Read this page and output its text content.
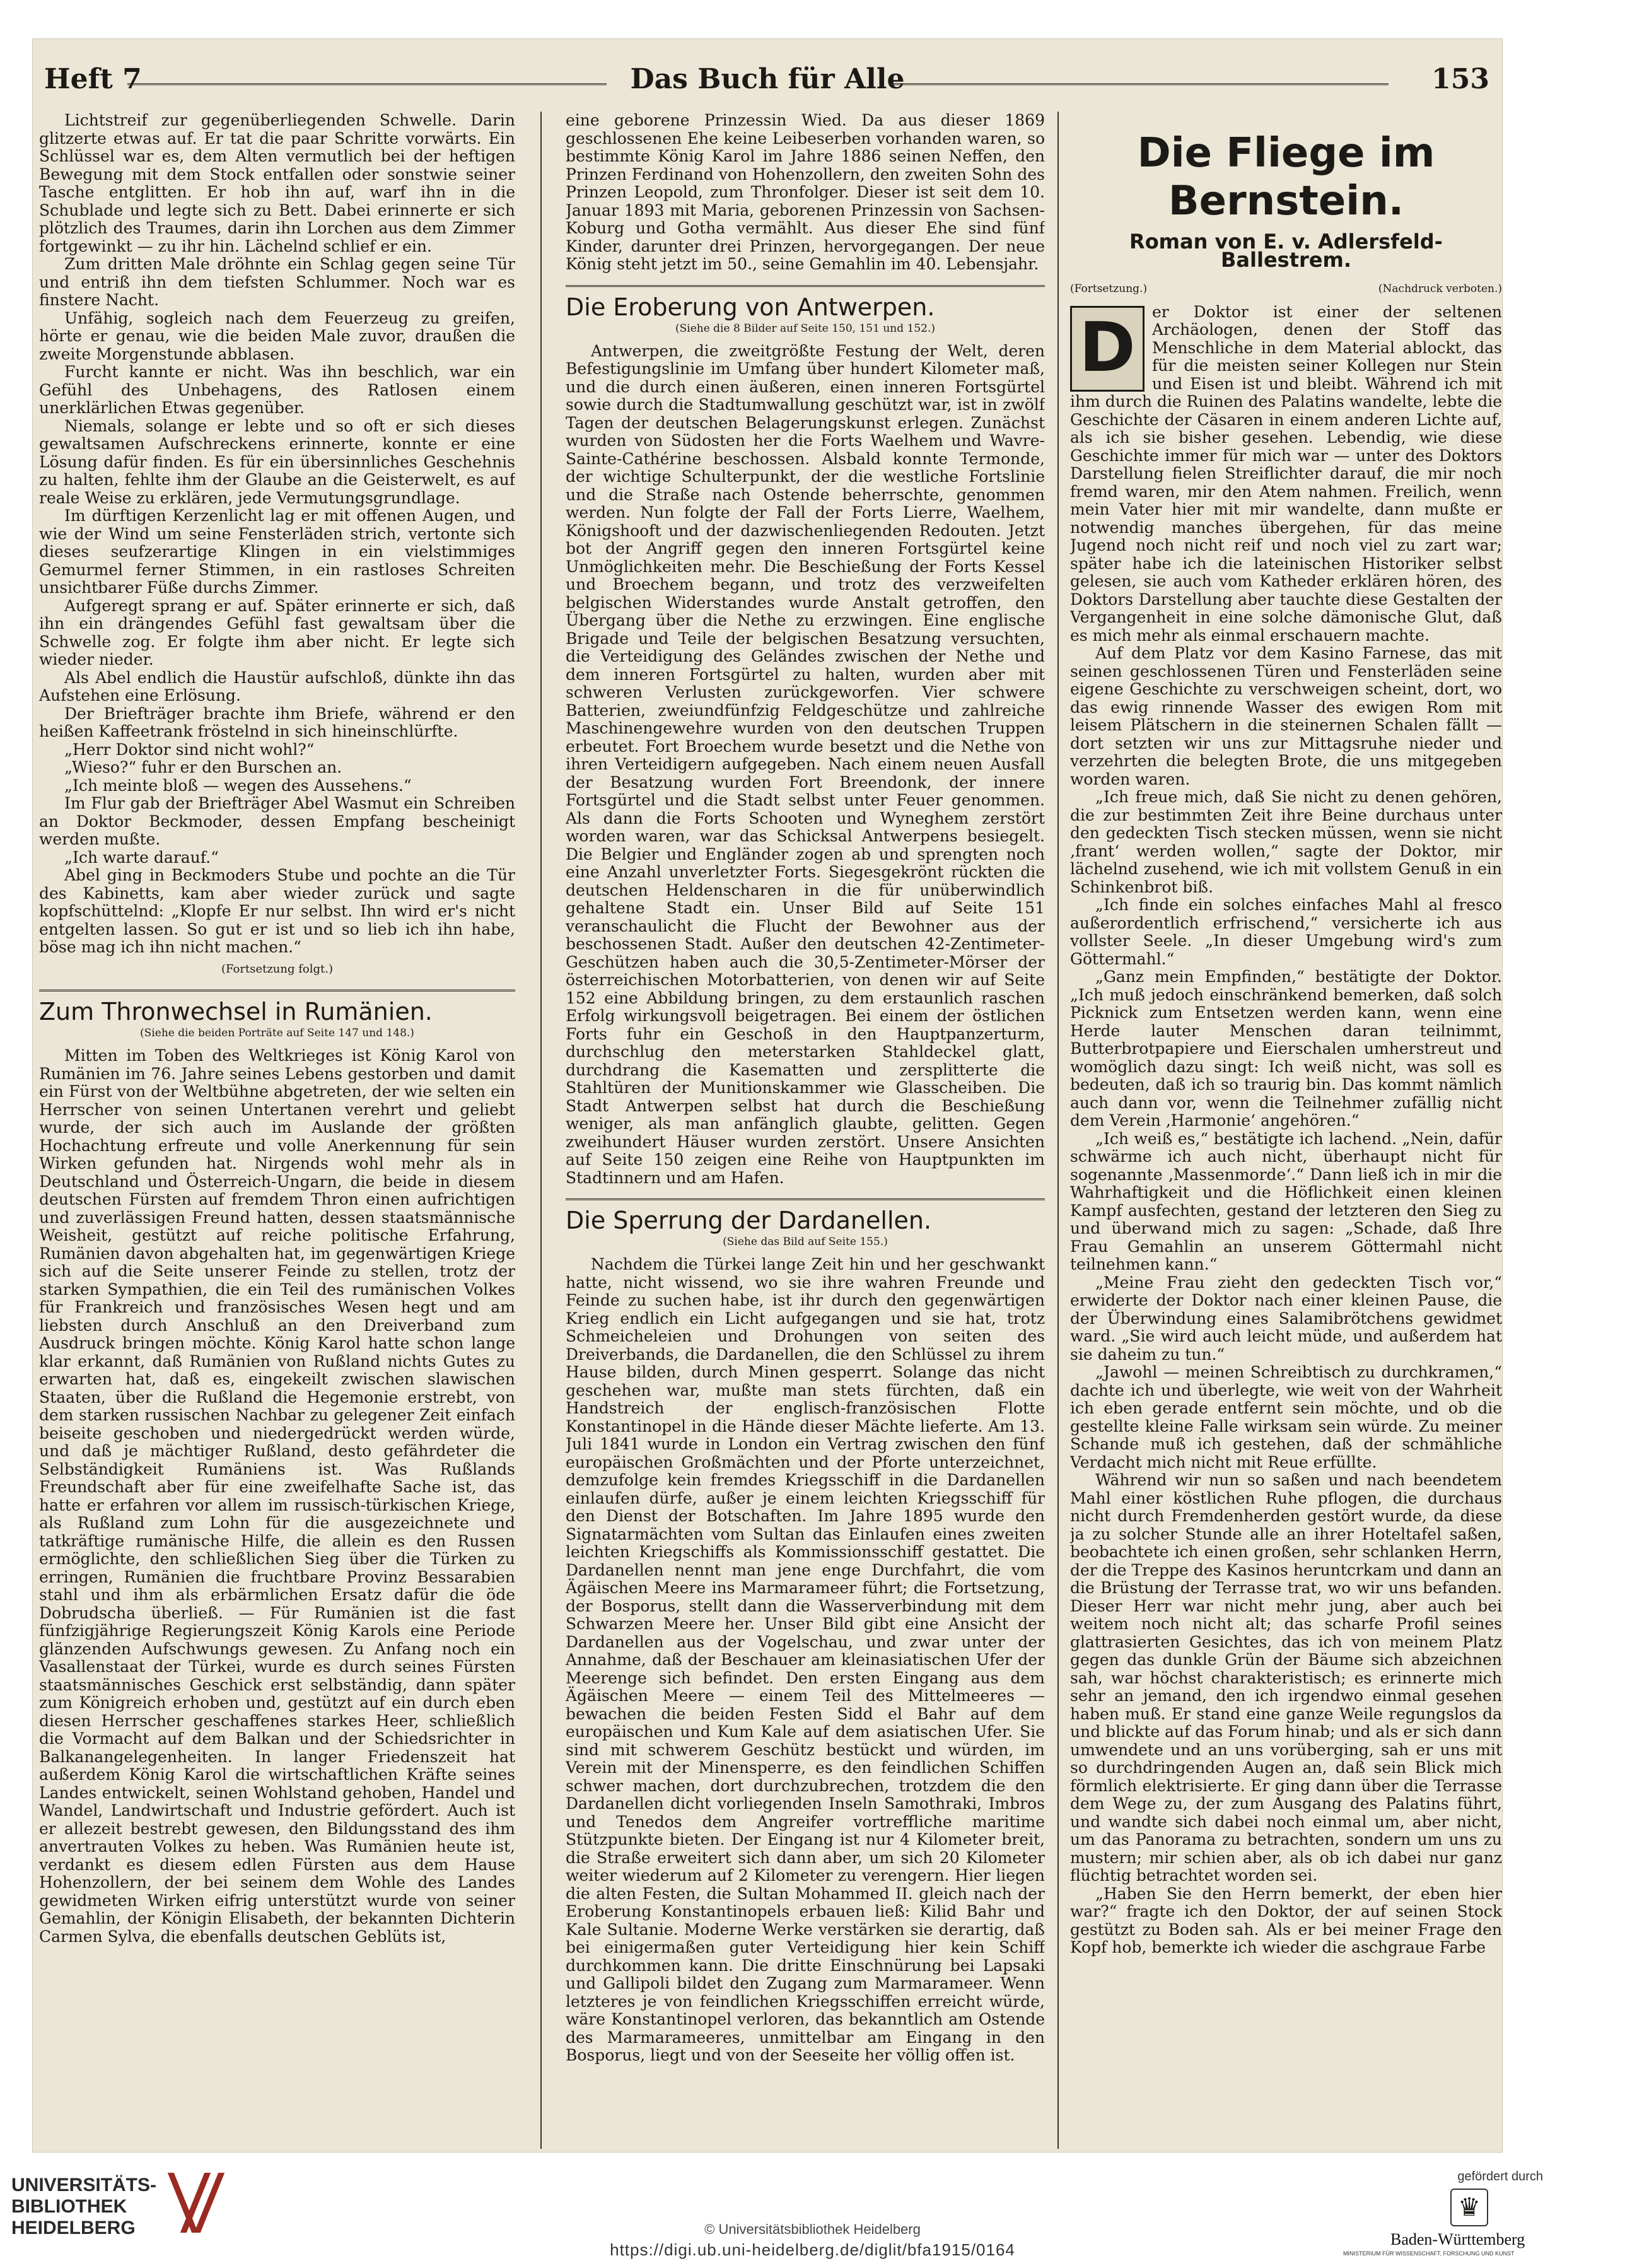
Heft 7	Das Buch für Alle	153

Lichtstreif zur gegenüberliegenden Schwelle. Darin glitzerte etwas auf. Er tat die paar Schritte vorwärts. Ein Schlüssel war es, dem Alten vermutlich bei der heftigen Bewegung mit dem Stock entfallen oder sonstwie seiner Tasche entglitten. Er hob ihn auf, warf ihn in die Schublade und legte sich zu Bett. Dabei erinnerte er sich plötzlich des Traumes, darin ihn Lorchen aus dem Zimmer fortgewinkt — zu ihr hin. Lächelnd schlief er ein.

Zum dritten Male dröhnte ein Schlag gegen seine Tür und entriß ihn dem tiefsten Schlummer. Noch war es finstere Nacht.

Unfähig, sogleich nach dem Feuerzeug zu greifen, hörte er genau, wie die beiden Male zuvor, draußen die zweite Morgenstunde abblasen.

Furcht kannte er nicht. Was ihn beschlich, war ein Gefühl des Unbehagens, des Ratlosen einem unerklärlichen Etwas gegenüber.

Niemals, solange er lebte und so oft er sich dieses gewaltsamen Aufschreckens erinnerte, konnte er eine Lösung dafür finden. Es für ein übersinnliches Geschehnis zu halten, fehlte ihm der Glaube an die Geisterwelt, es auf reale Weise zu erklären, jede Vermutungsgrundlage.

Im dürftigen Kerzenlicht lag er mit offenen Augen, und wie der Wind um seine Fensterläden strich, vertonte sich dieses seufzerartige Klingen in ein vielstimmiges Gemurmel ferner Stimmen, in ein rastloses Schreiten unsichtbarer Füße durchs Zimmer.

Aufgeregt sprang er auf. Später erinnerte er sich, daß ihn ein drängendes Gefühl fast gewaltsam über die Schwelle zog. Er folgte ihm aber nicht. Er legte sich wieder nieder.

Als Abel endlich die Haustür aufschloß, dünkte ihn das Aufstehen eine Erlösung.

Der Briefträger brachte ihm Briefe, während er den heißen Kaffeetrank fröstelnd in sich hineinschlürfte.

„Herr Doktor sind nicht wohl?“

„Wieso?“ fuhr er den Burschen an.

„Ich meinte bloß — wegen des Aussehens.“

Im Flur gab der Briefträger Abel Wasmut ein Schreiben an Doktor Beckmoder, dessen Empfang bescheinigt werden mußte.

„Ich warte darauf.“

Abel ging in Beckmoders Stube und pochte an die Tür des Kabinetts, kam aber wieder zurück und sagte kopfschüttelnd: „Klopfe Er nur selbst. Ihn wird er's nicht entgelten lassen. So gut er ist und so lieb ich ihn habe, böse mag ich ihn nicht machen.“

(Fortsetzung folgt.)

Zum Thronwechsel in Rumänien.

(Siehe die beiden Porträte auf Seite 147 und 148.)

Mitten im Toben des Weltkrieges ist König Karol von Rumänien im 76. Jahre seines Lebens gestorben und damit ein Fürst von der Weltbühne abgetreten, der wie selten ein Herrscher von seinen Untertanen verehrt und geliebt wurde, der sich auch im Auslande der größten Hochachtung erfreute und volle Anerkennung für sein Wirken gefunden hat. Nirgends wohl mehr als in Deutschland und Österreich-Ungarn, die beide in diesem deutschen Fürsten auf fremdem Thron einen aufrichtigen und zuverlässigen Freund hatten, dessen staatsmännische Weisheit, gestützt auf reiche politische Erfahrung, Rumänien davon abgehalten hat, im gegenwärtigen Kriege sich auf die Seite unserer Feinde zu stellen, trotz der starken Sympathien, die ein Teil des rumänischen Volkes für Frankreich und französisches Wesen hegt und am liebsten durch Anschluß an den Dreiverband zum Ausdruck bringen möchte. König Karol hatte schon lange klar erkannt, daß Rumänien von Rußland nichts Gutes zu erwarten hat, daß es, eingekeilt zwischen slawischen Staaten, über die Rußland die Hegemonie erstrebt, von dem starken russischen Nachbar zu gelegener Zeit einfach beiseite geschoben und niedergedrückt werden würde, und daß je mächtiger Rußland, desto gefährdeter die Selbständigkeit Rumäniens ist. Was Rußlands Freundschaft aber für eine zweifelhafte Sache ist, das hatte er erfahren vor allem im russisch-türkischen Kriege, als Rußland zum Lohn für die ausgezeichnete und tatkräftige rumänische Hilfe, die allein es den Russen ermöglichte, den schließlichen Sieg über die Türken zu erringen, Rumänien die fruchtbare Provinz Bessarabien stahl und ihm als erbärmlichen Ersatz dafür die öde Dobrudscha überließ. — Für Rumänien ist die fast fünfzigjährige Regierungszeit König Karols eine Periode glänzenden Aufschwungs gewesen. Zu Anfang noch ein Vasallenstaat der Türkei, wurde es durch seines Fürsten staatsmännisches Geschick erst selbständig, dann später zum Königreich erhoben und, gestützt auf ein durch eben diesen Herrscher geschaffenes starkes Heer, schließlich die Vormacht auf dem Balkan und der Schiedsrichter in Balkanangelegenheiten. In langer Friedenszeit hat außerdem König Karol die wirtschaftlichen Kräfte seines Landes entwickelt, seinen Wohlstand gehoben, Handel und Wandel, Landwirtschaft und Industrie gefördert. Auch ist er allezeit bestrebt gewesen, den Bildungsstand des ihm anvertrauten Volkes zu heben. Was Rumänien heute ist, verdankt es diesem edlen Fürsten aus dem Hause Hohenzollern, der bei seinem dem Wohle des Landes gewidmeten Wirken eifrig unterstützt wurde von seiner Gemahlin, der Königin Elisabeth, der bekannten Dichterin Carmen Sylva, die ebenfalls deutschen Geblüts ist,

eine geborene Prinzessin Wied. Da aus dieser 1869 geschlossenen Ehe keine Leibeserben vorhanden waren, so bestimmte König Karol im Jahre 1886 seinen Neffen, den Prinzen Ferdinand von Hohenzollern, den zweiten Sohn des Prinzen Leopold, zum Thronfolger. Dieser ist seit dem 10. Januar 1893 mit Maria, geborenen Prinzessin von Sachsen-Koburg und Gotha vermählt. Aus dieser Ehe sind fünf Kinder, darunter drei Prinzen, hervorgegangen. Der neue König steht jetzt im 50., seine Gemahlin im 40. Lebensjahr.

Die Eroberung von Antwerpen.

(Siehe die 8 Bilder auf Seite 150, 151 und 152.)

Antwerpen, die zweitgrößte Festung der Welt, deren Befestigungslinie im Umfang über hundert Kilometer maß, und die durch einen äußeren, einen inneren Fortsgürtel sowie durch die Stadtumwallung geschützt war, ist in zwölf Tagen der deutschen Belagerungskunst erlegen. Zunächst wurden von Südosten her die Forts Waelhem und Wavre-Sainte-Cathérine beschossen. Alsbald konnte Termonde, der wichtige Schulterpunkt, der die westliche Fortslinie und die Straße nach Ostende beherrschte, genommen werden. Nun folgte der Fall der Forts Lierre, Waelhem, Königshooft und der dazwischenliegenden Redouten. Jetzt bot der Angriff gegen den inneren Fortsgürtel keine Unmöglichkeiten mehr. Die Beschießung der Forts Kessel und Broechem begann, und trotz des verzweifelten belgischen Widerstandes wurde Anstalt getroffen, den Übergang über die Nethe zu erzwingen. Eine englische Brigade und Teile der belgischen Besatzung versuchten, die Verteidigung des Geländes zwischen der Nethe und dem inneren Fortsgürtel zu halten, wurden aber mit schweren Verlusten zurückgeworfen. Vier schwere Batterien, zweiundfünfzig Feldgeschütze und zahlreiche Maschinengewehre wurden von den deutschen Truppen erbeutet. Fort Broechem wurde besetzt und die Nethe von ihren Verteidigern aufgegeben. Nach einem neuen Ausfall der Besatzung wurden Fort Breendonk, der innere Fortsgürtel und die Stadt selbst unter Feuer genommen. Als dann die Forts Schooten und Wyneghem zerstört worden waren, war das Schicksal Antwerpens besiegelt. Die Belgier und Engländer zogen ab und sprengten noch eine Anzahl unverletzter Forts. Siegesgekrönt rückten die deutschen Heldenscharen in die für unüberwindlich gehaltene Stadt ein. Unser Bild auf Seite 151 veranschaulicht die Flucht der Bewohner aus der beschossenen Stadt. Außer den deutschen 42-Zentimeter-Geschützen haben auch die 30,5-Zentimeter-Mörser der österreichischen Motorbatterien, von denen wir auf Seite 152 eine Abbildung bringen, zu dem erstaunlich raschen Erfolg wirkungsvoll beigetragen. Bei einem der östlichen Forts fuhr ein Geschoß in den Hauptpanzerturm, durchschlug den meterstarken Stahldeckel glatt, durchdrang die Kasematten und zersplitterte die Stahltüren der Munitionskammer wie Glasscheiben. Die Stadt Antwerpen selbst hat durch die Beschießung weniger, als man anfänglich glaubte, gelitten. Gegen zweihundert Häuser wurden zerstört. Unsere Ansichten auf Seite 150 zeigen eine Reihe von Hauptpunkten im Stadtinnern und am Hafen.

Die Sperrung der Dardanellen.

(Siehe das Bild auf Seite 155.)

Nachdem die Türkei lange Zeit hin und her geschwankt hatte, nicht wissend, wo sie ihre wahren Freunde und Feinde zu suchen habe, ist ihr durch den gegenwärtigen Krieg endlich ein Licht aufgegangen und sie hat, trotz Schmeicheleien und Drohungen von seiten des Dreiverbands, die Dardanellen, die den Schlüssel zu ihrem Hause bilden, durch Minen gesperrt. Solange das nicht geschehen war, mußte man stets fürchten, daß ein Handstreich der englisch-französischen Flotte Konstantinopel in die Hände dieser Mächte lieferte. Am 13. Juli 1841 wurde in London ein Vertrag zwischen den fünf europäischen Großmächten und der Pforte unterzeichnet, demzufolge kein fremdes Kriegsschiff in die Dardanellen einlaufen dürfe, außer je einem leichten Kriegsschiff für den Dienst der Botschaften. Im Jahre 1895 wurde den Signatarmächten vom Sultan das Einlaufen eines zweiten leichten Kriegschiffs als Kommissionsschiff gestattet. Die Dardanellen nennt man jene enge Durchfahrt, die vom Ägäischen Meere ins Marmarameer führt; die Fortsetzung, der Bosporus, stellt dann die Wasserverbindung mit dem Schwarzen Meere her. Unser Bild gibt eine Ansicht der Dardanellen aus der Vogelschau, und zwar unter der Annahme, daß der Beschauer am kleinasiatischen Ufer der Meerenge sich befindet. Den ersten Eingang aus dem Ägäischen Meere — einem Teil des Mittelmeeres — bewachen die beiden Festen Sidd el Bahr auf dem europäischen und Kum Kale auf dem asiatischen Ufer. Sie sind mit schwerem Geschütz bestückt und würden, im Verein mit der Minensperre, es den feindlichen Schiffen schwer machen, dort durchzubrechen, trotzdem die den Dardanellen dicht vorliegenden Inseln Samothraki, Imbros und Tenedos dem Angreifer vortreffliche maritime Stützpunkte bieten. Der Eingang ist nur 4 Kilometer breit, die Straße erweitert sich dann aber, um sich 20 Kilometer weiter wiederum auf 2 Kilometer zu verengern. Hier liegen die alten Festen, die Sultan Mohammed II. gleich nach der Eroberung Konstantinopels erbauen ließ: Kilid Bahr und Kale Sultanie. Moderne Werke verstärken sie derartig, daß bei einigermaßen guter Verteidigung hier kein Schiff durchkommen kann. Die dritte Einschnürung bei Lapsaki und Gallipoli bildet den Zugang zum Marmarameer. Wenn letzteres je von feindlichen Kriegsschiffen erreicht würde, wäre Konstantinopel verloren, das bekanntlich am Ostende des Marmarameeres, unmittelbar am Eingang in den Bosporus, liegt und von der Seeseite her völlig offen ist.

Die Fliege im Bernstein.
Roman von E. v. Adlersfeld-Ballestrem.
(Fortsetzung.)	(Nachdruck verboten.)

D	er Doktor ist einer der seltenen Archäologen, denen der Stoff das Menschliche in dem Material ablockt, das für die meisten seiner Kollegen nur Stein und Eisen ist und bleibt. Während ich mit ihm durch die Ruinen des Palatins wandelte, lebte die Geschichte der Cäsaren in einem anderen Lichte auf, als ich sie bisher gesehen. Lebendig, wie diese Geschichte immer für mich war — unter des Doktors Darstellung fielen Streiflichter darauf, die mir noch fremd waren, mir den Atem nahmen. Freilich, wenn mein Vater hier mit mir wandelte, dann mußte er notwendig manches übergehen, für das meine Jugend noch nicht reif und noch viel zu zart war; später habe ich die lateinischen Historiker selbst gelesen, sie auch vom Katheder erklären hören, des Doktors Darstellung aber tauchte diese Gestalten der Vergangenheit in eine solche dämonische Glut, daß es mich mehr als einmal erschauern machte.

Auf dem Platz vor dem Kasino Farnese, das mit seinen geschlossenen Türen und Fensterläden seine eigene Geschichte zu verschweigen scheint, dort, wo das ewig rinnende Wasser des ewigen Rom mit leisem Plätschern in die steinernen Schalen fällt — dort setzten wir uns zur Mittagsruhe nieder und verzehrten die belegten Brote, die uns mitgegeben worden waren.

„Ich freue mich, daß Sie nicht zu denen gehören, die zur bestimmten Zeit ihre Beine durchaus unter den gedeckten Tisch stecken müssen, wenn sie nicht ‚frant‘ werden wollen,“ sagte der Doktor, mir lächelnd zusehend, wie ich mit vollstem Genuß in ein Schinkenbrot biß.

„Ich finde ein solches einfaches Mahl al fresco außerordentlich erfrischend,“ versicherte ich aus vollster Seele. „In dieser Umgebung wird's zum Göttermahl.“

„Ganz mein Empfinden,“ bestätigte der Doktor. „Ich muß jedoch einschränkend bemerken, daß solch Picknick zum Entsetzen werden kann, wenn eine Herde lauter Menschen daran teilnimmt, Butterbrotpapiere und Eierschalen umherstreut und womöglich dazu singt: Ich weiß nicht, was soll es bedeuten, daß ich so traurig bin. Das kommt nämlich auch dann vor, wenn die Teilnehmer zufällig nicht dem Verein ‚Harmonie‘ angehören.“

„Ich weiß es,“ bestätigte ich lachend. „Nein, dafür schwärme ich auch nicht, überhaupt nicht für sogenannte ‚Massenmorde‘.“ Dann ließ ich in mir die Wahrhaftigkeit und die Höflichkeit einen kleinen Kampf ausfechten, gestand der letzteren den Sieg zu und überwand mich zu sagen: „Schade, daß Ihre Frau Gemahlin an unserem Göttermahl nicht teilnehmen kann.“

„Meine Frau zieht den gedeckten Tisch vor,“ erwiderte der Doktor nach einer kleinen Pause, die der Überwindung eines Salamibrötchens gewidmet ward. „Sie wird auch leicht müde, und außerdem hat sie daheim zu tun.“

„Jawohl — meinen Schreibtisch zu durchkramen,“ dachte ich und überlegte, wie weit von der Wahrheit ich eben gerade entfernt sein möchte, und ob die gestellte kleine Falle wirksam sein würde. Zu meiner Schande muß ich gestehen, daß der schmähliche Verdacht mich nicht mit Reue erfüllte.

Während wir nun so saßen und nach beendetem Mahl einer köstlichen Ruhe pflogen, die durchaus nicht durch Fremdenherden gestört wurde, da diese ja zu solcher Stunde alle an ihrer Hoteltafel saßen, beobachtete ich einen großen, sehr schlanken Herrn, der die Treppe des Kasinos heruntcrkam und dann an die Brüstung der Terrasse trat, wo wir uns befanden. Dieser Herr war nicht mehr jung, aber auch bei weitem noch nicht alt; das scharfe Profil seines glattrasierten Gesichtes, das ich von meinem Platz gegen das dunkle Grün der Bäume sich abzeichnen sah, war höchst charakteristisch; es erinnerte mich sehr an jemand, den ich irgendwo einmal gesehen haben muß. Er stand eine ganze Weile regungslos da und blickte auf das Forum hinab; und als er sich dann umwendete und an uns vorüberging, sah er uns mit so durchdringenden Augen an, daß sein Blick mich förmlich elektrisierte. Er ging dann über die Terrasse dem Wege zu, der zum Ausgang des Palatins führt, und wandte sich dabei noch einmal um, aber nicht, um das Panorama zu betrachten, sondern um uns zu mustern; mir schien aber, als ob ich dabei nur ganz flüchtig betrachtet worden sei.

„Haben Sie den Herrn bemerkt, der eben hier war?“ fragte ich den Doktor, der auf seinen Stock gestützt zu Boden sah. Als er bei meiner Frage den Kopf hob, bemerkte ich wieder die aschgraue Farbe

UNIVERSITÄTS-
BIBLIOTHEK
HEIDELBERG	© Universitätsbibliothek Heidelberg
https://digi.ub.uni-heidelberg.de/diglit/bfa1915/0164
gefördert durch
♛
Baden-Württemberg
MINISTERIUM FÜR WISSENSCHAFT, FORSCHUNG UND KUNST
